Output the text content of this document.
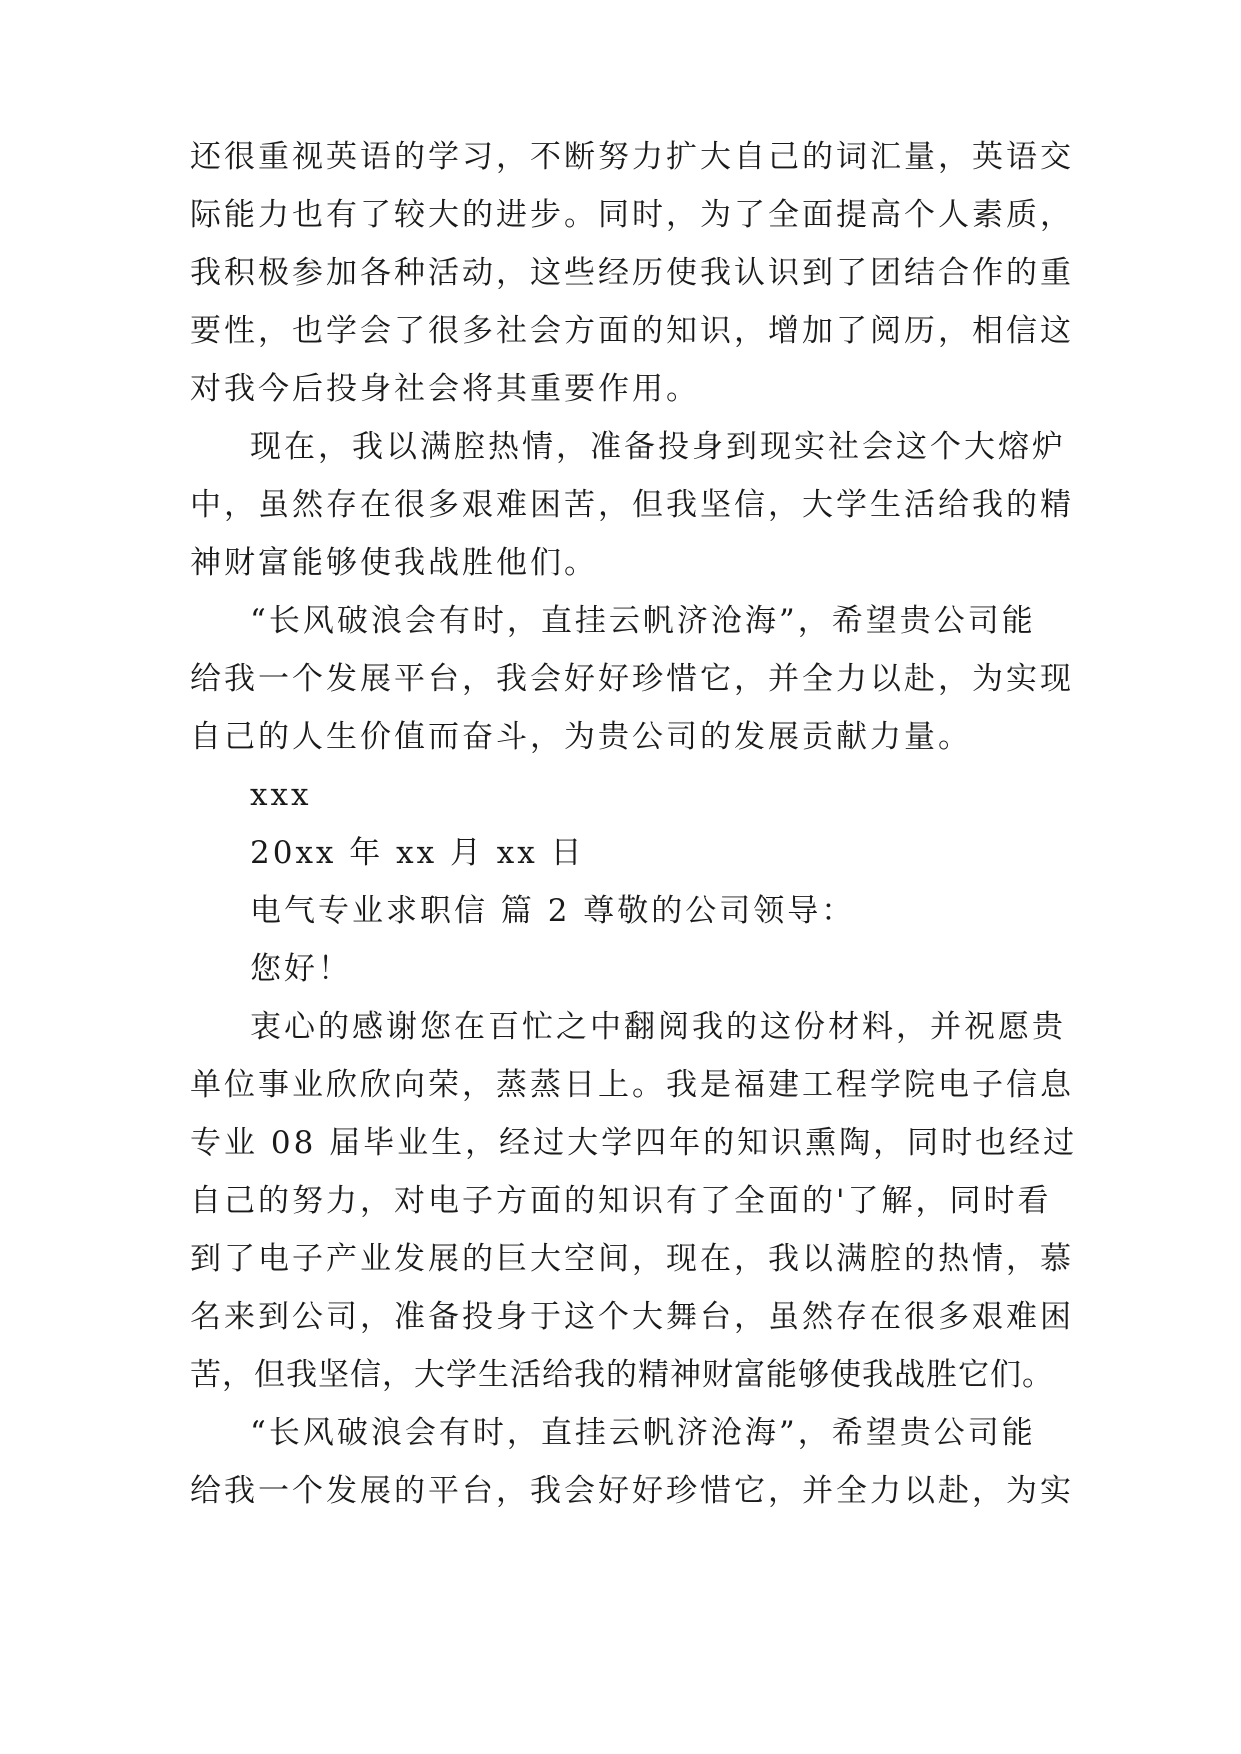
还很重视英语的学习，不断努力扩大自己的词汇量，英语交
际能力也有了较大的进步。同时，为了全面提高个人素质，
我积极参加各种活动，这些经历使我认识到了团结合作的重
要性，也学会了很多社会方面的知识，增加了阅历，相信这
对我今后投身社会将其重要作用。
现在，我以满腔热情，准备投身到现实社会这个大熔炉
中，虽然存在很多艰难困苦，但我坚信，大学生活给我的精
神财富能够使我战胜他们。
“长风破浪会有时，直挂云帆济沧海”，希望贵公司能
给我一个发展平台，我会好好珍惜它，并全力以赴，为实现
自己的人生价值而奋斗，为贵公司的发展贡献力量。
xxx
20xx 年 xx 月 xx 日
电气专业求职信 篇 2 尊敬的公司领导：
您好！
衷心的感谢您在百忙之中翻阅我的这份材料，并祝愿贵
单位事业欣欣向荣，蒸蒸日上。我是福建工程学院电子信息
专业 08 届毕业生，经过大学四年的知识熏陶，同时也经过
自己的努力，对电子方面的知识有了全面的'了解，同时看
到了电子产业发展的巨大空间，现在，我以满腔的热情，慕
名来到公司，准备投身于这个大舞台，虽然存在很多艰难困
苦，但我坚信，大学生活给我的精神财富能够使我战胜它们。
“长风破浪会有时，直挂云帆济沧海”，希望贵公司能
给我一个发展的平台，我会好好珍惜它，并全力以赴，为实
